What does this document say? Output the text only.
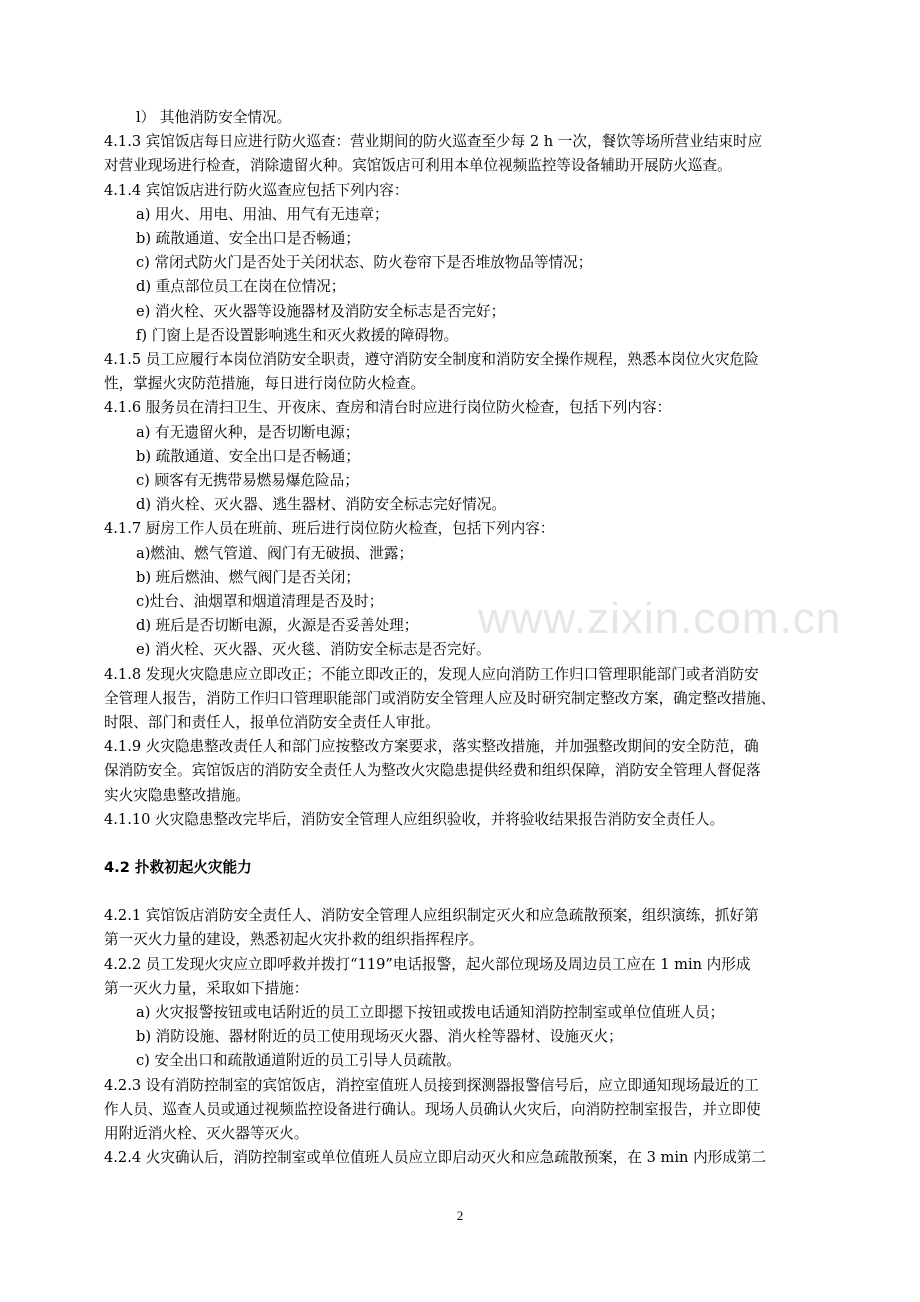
www.zixin.com.cn
l） 其他消防安全情况。
4.1.3 宾馆饭店每日应进行防火巡查：营业期间的防火巡查至少每 2 h 一次，餐饮等场所营业结束时应
对营业现场进行检查，消除遗留火种。宾馆饭店可利用本单位视频监控等设备辅助开展防火巡查。
4.1.4 宾馆饭店进行防火巡查应包括下列内容：
a) 用火、用电、用油、用气有无违章；
b) 疏散通道、安全出口是否畅通；
c) 常闭式防火门是否处于关闭状态、防火卷帘下是否堆放物品等情况；
d) 重点部位员工在岗在位情况；
e) 消火栓、灭火器等设施器材及消防安全标志是否完好；
f) 门窗上是否设置影响逃生和灭火救援的障碍物。
4.1.5 员工应履行本岗位消防安全职责，遵守消防安全制度和消防安全操作规程，熟悉本岗位火灾危险
性，掌握火灾防范措施，每日进行岗位防火检查。
4.1.6 服务员在清扫卫生、开夜床、查房和清台时应进行岗位防火检查，包括下列内容：
a) 有无遗留火种，是否切断电源；
b) 疏散通道、安全出口是否畅通；
c) 顾客有无携带易燃易爆危险品；
d) 消火栓、灭火器、逃生器材、消防安全标志完好情况。
4.1.7 厨房工作人员在班前、班后进行岗位防火检查，包括下列内容：
a)燃油、燃气管道、阀门有无破损、泄露；
b) 班后燃油、燃气阀门是否关闭；
c)灶台、油烟罩和烟道清理是否及时；
d) 班后是否切断电源，火源是否妥善处理；
e) 消火栓、灭火器、灭火毯、消防安全标志是否完好。
4.1.8 发现火灾隐患应立即改正；不能立即改正的，发现人应向消防工作归口管理职能部门或者消防安
全管理人报告，消防工作归口管理职能部门或消防安全管理人应及时研究制定整改方案，确定整改措施、
时限、部门和责任人，报单位消防安全责任人审批。
4.1.9 火灾隐患整改责任人和部门应按整改方案要求，落实整改措施，并加强整改期间的安全防范，确
保消防安全。宾馆饭店的消防安全责任人为整改火灾隐患提供经费和组织保障，消防安全管理人督促落
实火灾隐患整改措施。
4.1.10 火灾隐患整改完毕后，消防安全管理人应组织验收，并将验收结果报告消防安全责任人。
4.2 扑救初起火灾能力
4.2.1 宾馆饭店消防安全责任人、消防安全管理人应组织制定灭火和应急疏散预案，组织演练，抓好第
第一灭火力量的建设，熟悉初起火灾扑救的组织指挥程序。
4.2.2 员工发现火灾应立即呼救并拨打“119”电话报警，起火部位现场及周边员工应在 1 min 内形成
第一灭火力量，采取如下措施：
a) 火灾报警按钮或电话附近的员工立即摁下按钮或拨电话通知消防控制室或单位值班人员；
b) 消防设施、器材附近的员工使用现场灭火器、消火栓等器材、设施灭火；
c) 安全出口和疏散通道附近的员工引导人员疏散。
4.2.3 设有消防控制室的宾馆饭店，消控室值班人员接到探测器报警信号后，应立即通知现场最近的工
作人员、巡查人员或通过视频监控设备进行确认。现场人员确认火灾后，向消防控制室报告，并立即使
用附近消火栓、灭火器等灭火。
4.2.4 火灾确认后，消防控制室或单位值班人员应立即启动灭火和应急疏散预案，在 3 min 内形成第二
2
